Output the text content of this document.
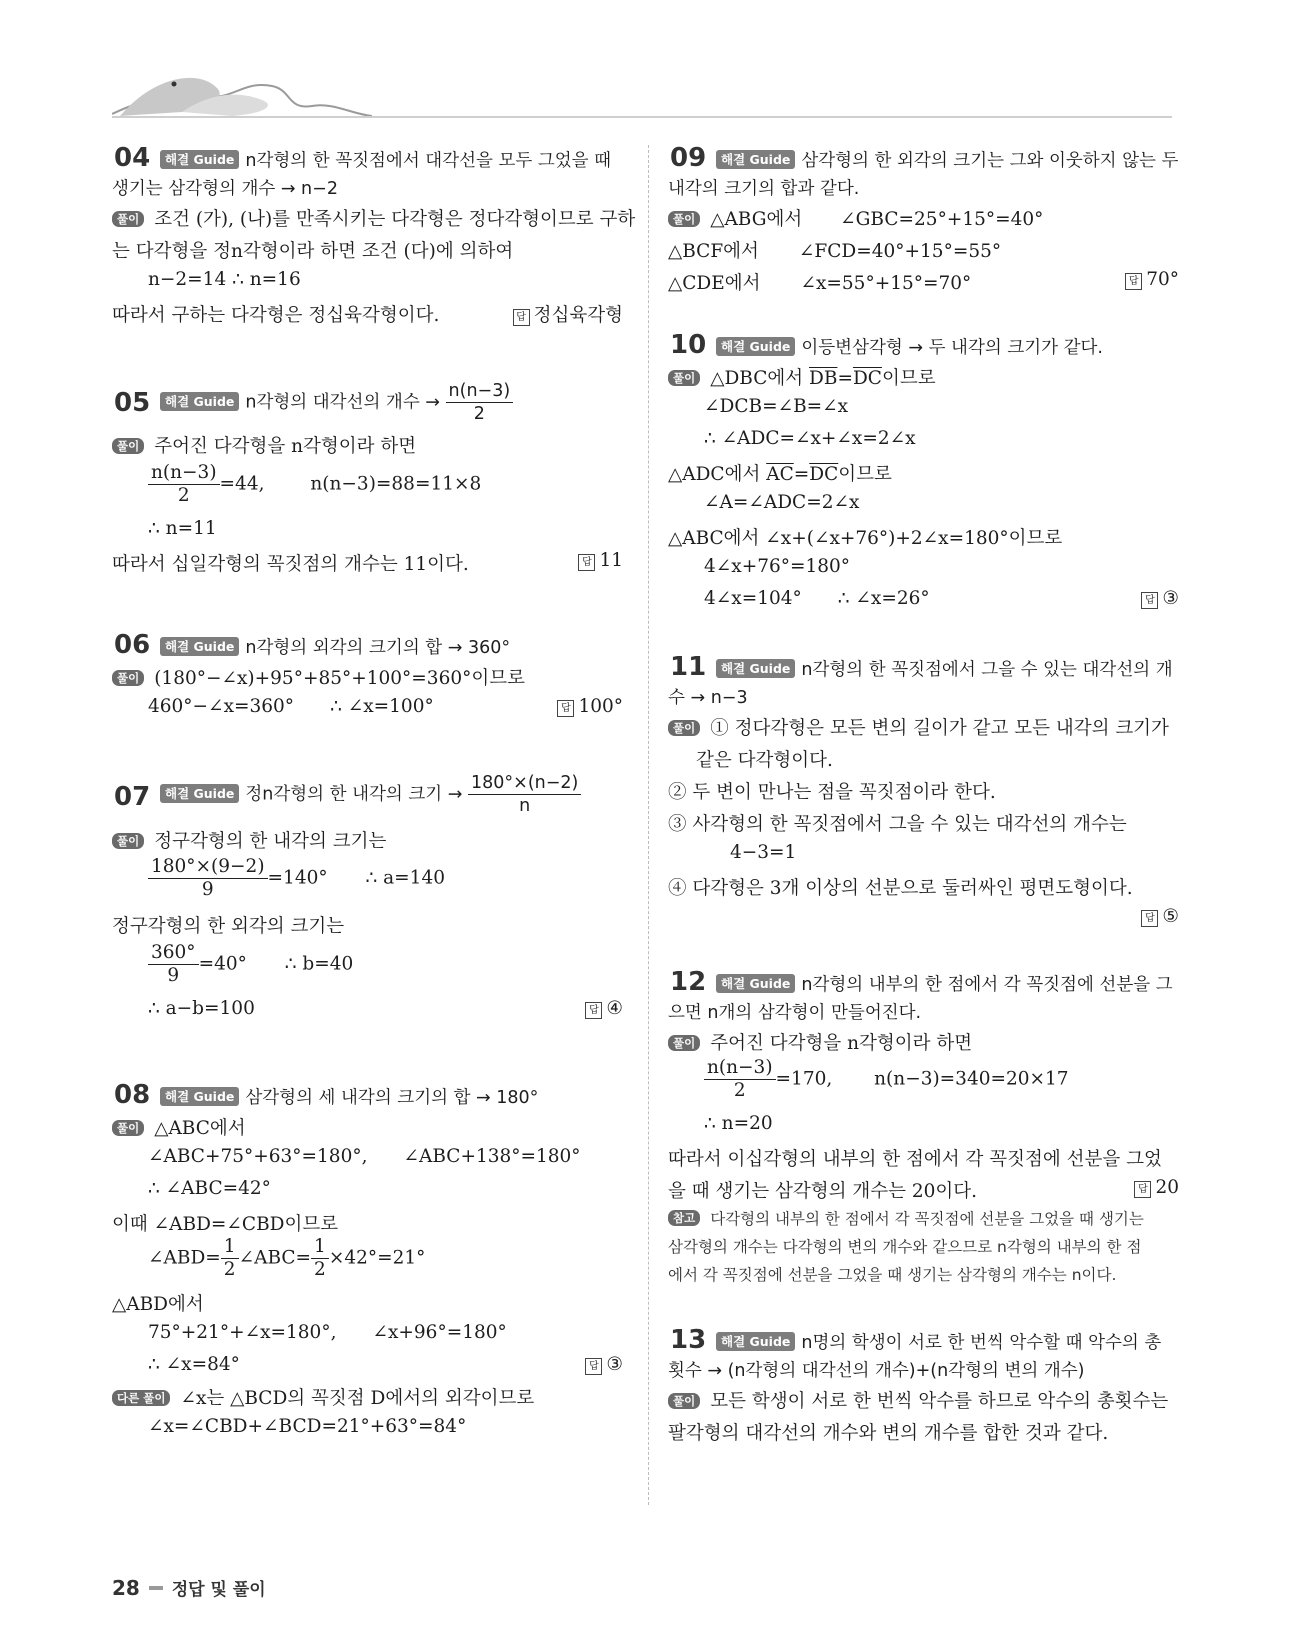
04	해결 Guide n각형의 한 꼭짓점에서 대각선을 모두 그었을 때
생기는 삼각형의 개수 → n−2
풀이 조건 (가), (나)를 만족시키는 다각형은 정다각형이므로 구하
는 다각형을 정n각형이라 하면 조건 (다)에 의하여
n−2=14 ∴ n=16
따라서 구하는 다각형은 정십육각형이다.	답 정십육각형
05	해결 Guide n각형의 대각선의 개수 → $\frac{n(n-3)}{2}$
풀이 주어진 다각형을 n각형이라 하면
$\frac{n(n-3)}{2} =44$, n(n−3)=88=11×8
∴ n=11
따라서 십일각형의 꼭짓점의 개수는 11이다.	답 11
06	해결 Guide n각형의 외각의 크기의 합 → 360°
풀이 (180°−∠x)+95°+85°+100°=360°이므로
460°−∠x=360° ∴ ∠x=100°	답 100°
07	해결 Guide 정n각형의 한 내각의 크기 → $\frac{180^\circ\times(n-2)}{n}$
풀이 정구각형의 한 내각의 크기는
$\frac{180^\circ\times(9-2)}{9} =140^\circ$ ∴ a=140
정구각형의 한 외각의 크기는
$\frac{360^\circ}{9} =40^\circ$ ∴ b=40
∴ a−b=100	답 ④
08	해결 Guide 삼각형의 세 내각의 크기의 합 → 180°
풀이 △ABC에서
∠ABC+75°+63°=180°, ∠ABC+138°=180°
∴ ∠ABC=42°
이때 ∠ABD=∠CBD이므로
∠ABD= $\frac{1}{2}$ ∠ABC= $\frac{1}{2} \times 42^\circ=21^\circ$
△ABD에서
75°+21°+∠x=180°, ∠x+96°=180°
∴ ∠x=84°	답 ③
다른 풀이 ∠x는 △BCD의 꼭짓점 D에서의 외각이므로
∠x=∠CBD+∠BCD=21°+63°=84°
09	해결 Guide 삼각형의 한 외각의 크기는 그와 이웃하지 않는 두
내각의 크기의 합과 같다.
풀이 △ABG에서 ∠GBC=25°+15°=40°
△BCF에서 ∠FCD=40°+15°=55°
△CDE에서 ∠x=55°+15°=70°	답 70°
10	해결 Guide 이등변삼각형 → 두 내각의 크기가 같다.
풀이 △DBC에서 $\overline{DB}=\overline{DC}$이므로
∠DCB=∠B=∠x
∴ ∠ADC=∠x+∠x=2∠x
△ADC에서 $\overline{AC}=\overline{DC}$이므로
∠A=∠ADC=2∠x
△ABC에서 ∠x+(∠x+76°)+2∠x=180°이므로
4∠x+76°=180°
4∠x=104° ∴ ∠x=26°	답 ③
11	해결 Guide n각형의 한 꼭짓점에서 그을 수 있는 대각선의 개
수 → n−3
풀이 ① 정다각형은 모든 변의 길이가 같고 모든 내각의 크기가
같은 다각형이다.
② 두 변이 만나는 점을 꼭짓점이라 한다.
③ 사각형의 한 꼭짓점에서 그을 수 있는 대각선의 개수는
4−3=1
④ 다각형은 3개 이상의 선분으로 둘러싸인 평면도형이다.
답 ⑤
12	해결 Guide n각형의 내부의 한 점에서 각 꼭짓점에 선분을 그
으면 n개의 삼각형이 만들어진다.
풀이 주어진 다각형을 n각형이라 하면
$\frac{n(n-3)}{2} =170$, n(n−3)=340=20×17
∴ n=20
따라서 이십각형의 내부의 한 점에서 각 꼭짓점에 선분을 그었
을 때 생기는 삼각형의 개수는 20이다.	답 20
참고 다각형의 내부의 한 점에서 각 꼭짓점에 선분을 그었을 때 생기는
삼각형의 개수는 다각형의 변의 개수와 같으므로 n각형의 내부의 한 점
에서 각 꼭짓점에 선분을 그었을 때 생기는 삼각형의 개수는 n이다.
13	해결 Guide n명의 학생이 서로 한 번씩 악수할 때 악수의 총
횟수 → (n각형의 대각선의 개수)+(n각형의 변의 개수)
풀이 모든 학생이 서로 한 번씩 악수를 하므로 악수의 총횟수는
팔각형의 대각선의 개수와 변의 개수를 합한 것과 같다.
28 정답 및 풀이
